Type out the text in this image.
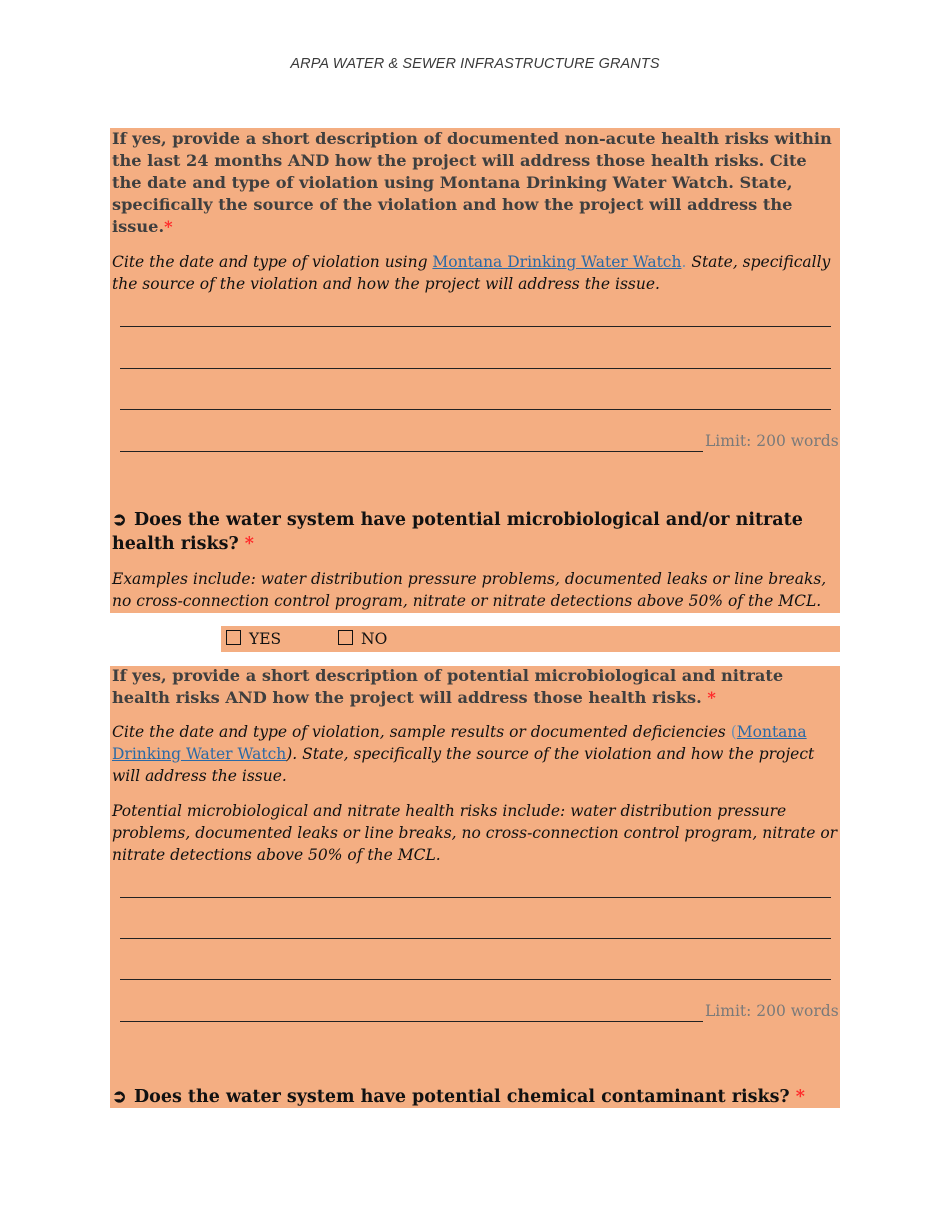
ARPA WATER & SEWER INFRASTRUCTURE GRANTS
If yes, provide a short description of documented non-acute health risks within the last 24 months AND how the project will address those health risks. Cite the date and type of violation using Montana Drinking Water Watch. State, specifically the source of the violation and how the project will address the issue.*
Cite the date and type of violation using Montana Drinking Water Watch. State, specifically the source of the violation and how the project will address the issue.
Limit: 200 words
➲ Does the water system have potential microbiological and/or nitrate health risks? *
Examples include: water distribution pressure problems, documented leaks or line breaks, no cross-connection control program, nitrate or nitrate detections above 50% of the MCL.
YES	NO
If yes, provide a short description of potential microbiological and nitrate health risks AND how the project will address those health risks. *
Cite the date and type of violation, sample results or documented deficiencies (Montana Drinking Water Watch). State, specifically the source of the violation and how the project will address the issue.
Potential microbiological and nitrate health risks include: water distribution pressure problems, documented leaks or line breaks, no cross-connection control program, nitrate or nitrate detections above 50% of the MCL.
Limit: 200 words
➲ Does the water system have potential chemical contaminant risks? *
